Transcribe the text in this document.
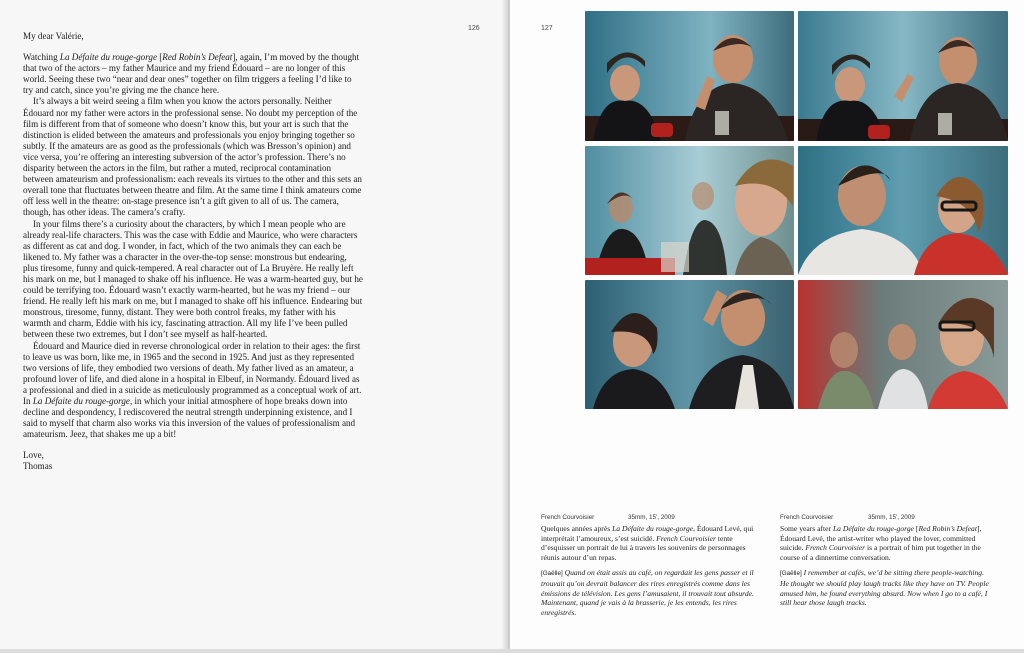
126

My dear Valérie,

Watching La Défaite du rouge-gorge [Red Robin’s Defeat], again, I’m moved by the thought that two of the actors – my father Maurice and my friend Édouard – are no longer of this world. Seeing these two “near and dear ones” together on film triggers a feeling I’d like to try and catch, since you’re giving me the chance here.

It’s always a bit weird seeing a film when you know the actors personally. Neither Édouard nor my father were actors in the professional sense. No doubt my perception of the film is different from that of someone who doesn’t know this, but your art is such that the distinction is elided between the amateurs and professionals you enjoy bringing together so subtly. If the amateurs are as good as the professionals (which was Bresson’s opinion) and vice versa, you’re offering an interesting subversion of the actor’s profession. There’s no disparity between the actors in the film, but rather a muted, reciprocal contamination between amateurism and professionalism: each reveals its virtues to the other and this sets an overall tone that fluctuates between theatre and film. At the same time I think amateurs come off less well in the theatre: on-stage presence isn’t a gift given to all of us. The camera, though, has other ideas. The camera’s crafty.

In your films there’s a curiosity about the characters, by which I mean people who are already real-life characters. This was the case with Eddie and Maurice, who were characters as different as cat and dog. I wonder, in fact, which of the two animals they can each be likened to. My father was a character in the over-the-top sense: monstrous but endearing, plus tiresome, funny and quick-tempered. A real character out of La Bruyère. He really left his mark on me, but I managed to shake off his influence. He was a warm-hearted guy, but he could be terrifying too. Édouard wasn’t exactly warm-hearted, but he was my friend – our friend. He really left his mark on me, but I managed to shake off his influence. Endearing but monstrous, tiresome, funny, distant. They were both control freaks, my father with his warmth and charm, Eddie with his icy, fascinating attraction. All my life I’ve been pulled between these two extremes, but I don’t see myself as half-hearted.

Édouard and Maurice died in reverse chronological order in relation to their ages: the first to leave us was born, like me, in 1965 and the second in 1925. And just as they represented two versions of life, they embodied two versions of death. My father lived as an amateur, a profound lover of life, and died alone in a hospital in Elbeuf, in Normandy. Édouard lived as a professional and died in a suicide as meticulously programmed as a conceptual work of art. In La Défaite du rouge-gorge, in which your initial atmosphere of hope breaks down into decline and despondency, I rediscovered the neutral strength underpinning existence, and I said to myself that charm also works via this inversion of the values of professionalism and amateurism. Jeez, that shakes me up a bit!

Love,

Thomas

127
French Courvoisier	35mm, 15', 2009

Quelques années après La Défaite du rouge-gorge, Édouard Levé, qui interprétait l’amoureux, s’est suicidé. French Courvoisier tente d’esquisser un portrait de lui à travers les souvenirs de personnages réunis autour d’un repas.

[Gaëlle] Quand on était assis au café, on regardait les gens passer et il trouvait qu’on devrait balancer des rires enregistrés comme dans les émissions de télévision. Les gens l’amusaient, il trouvait tout absurde. Maintenant, quand je vais à la brasserie, je les entends, les rires enregistrés.

French Courvoisier	35mm, 15', 2009

Some years after La Défaite du rouge-gorge [Red Robin’s Defeat], Édouard Levé, the artist-writer who played the lover, committed suicide. French Courvoisier is a portrait of him put together in the course of a dinnertime conversation.

[Gaëlle] I remember at cafés, we’d be sitting there people-watching. He thought we should play laugh tracks like they have on TV. People amused him, he found everything absurd. Now when I go to a café, I still hear those laugh tracks.
